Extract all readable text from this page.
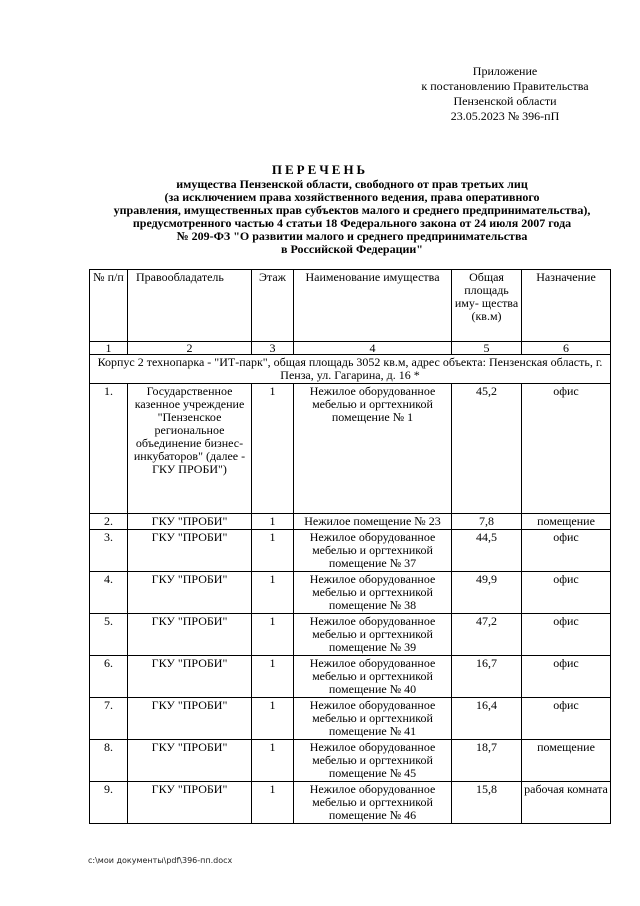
Приложение
к постановлению Правительства
Пензенской области
23.05.2023 № 396-пП
ПЕРЕЧЕНЬ
имущества Пензенской области, свободного от прав третьих лиц
(за исключением права хозяйственного ведения, права оперативного
управления, имущественных прав субъектов малого и среднего предпринимательства),
предусмотренного частью 4 статьи 18 Федерального закона от 24 июля 2007 года
№ 209-ФЗ "О развитии малого и среднего предпринимательства
в Российской Федерации"
№ п/п	Правообладатель	Этаж	Наименование имущества	Общая площадь иму- щества (кв.м)	Назначение
1	2	3	4	5	6
Корпус 2 технопарка - "ИТ-парк", общая площадь 3052 кв.м, адрес объекта: Пензенская область, г. Пенза, ул. Гагарина, д. 16 *					
1.	Государственное казенное учреждение "Пензенское региональное объединение бизнес- инкубаторов" (далее - ГКУ ПРОБИ")	1	Нежилое оборудованное мебелью и оргтехникой помещение № 1	45,2	офис
2.	ГКУ "ПРОБИ"	1	Нежилое помещение № 23	7,8	помещение
3.	ГКУ "ПРОБИ"	1	Нежилое оборудованное мебелью и оргтехникой помещение № 37	44,5	офис
4.	ГКУ "ПРОБИ"	1	Нежилое оборудованное мебелью и оргтехникой помещение № 38	49,9	офис
5.	ГКУ "ПРОБИ"	1	Нежилое оборудованное мебелью и оргтехникой помещение № 39	47,2	офис
6.	ГКУ "ПРОБИ"	1	Нежилое оборудованное мебелью и оргтехникой помещение № 40	16,7	офис
7.	ГКУ "ПРОБИ"	1	Нежилое оборудованное мебелью и оргтехникой помещение № 41	16,4	офис
8.	ГКУ "ПРОБИ"	1	Нежилое оборудованное мебелью и оргтехникой помещение № 45	18,7	помещение
9.	ГКУ "ПРОБИ"	1	Нежилое оборудованное мебелью и оргтехникой помещение № 46	15,8	рабочая комната
c:\мои документы\pdf\396-пп.docx
